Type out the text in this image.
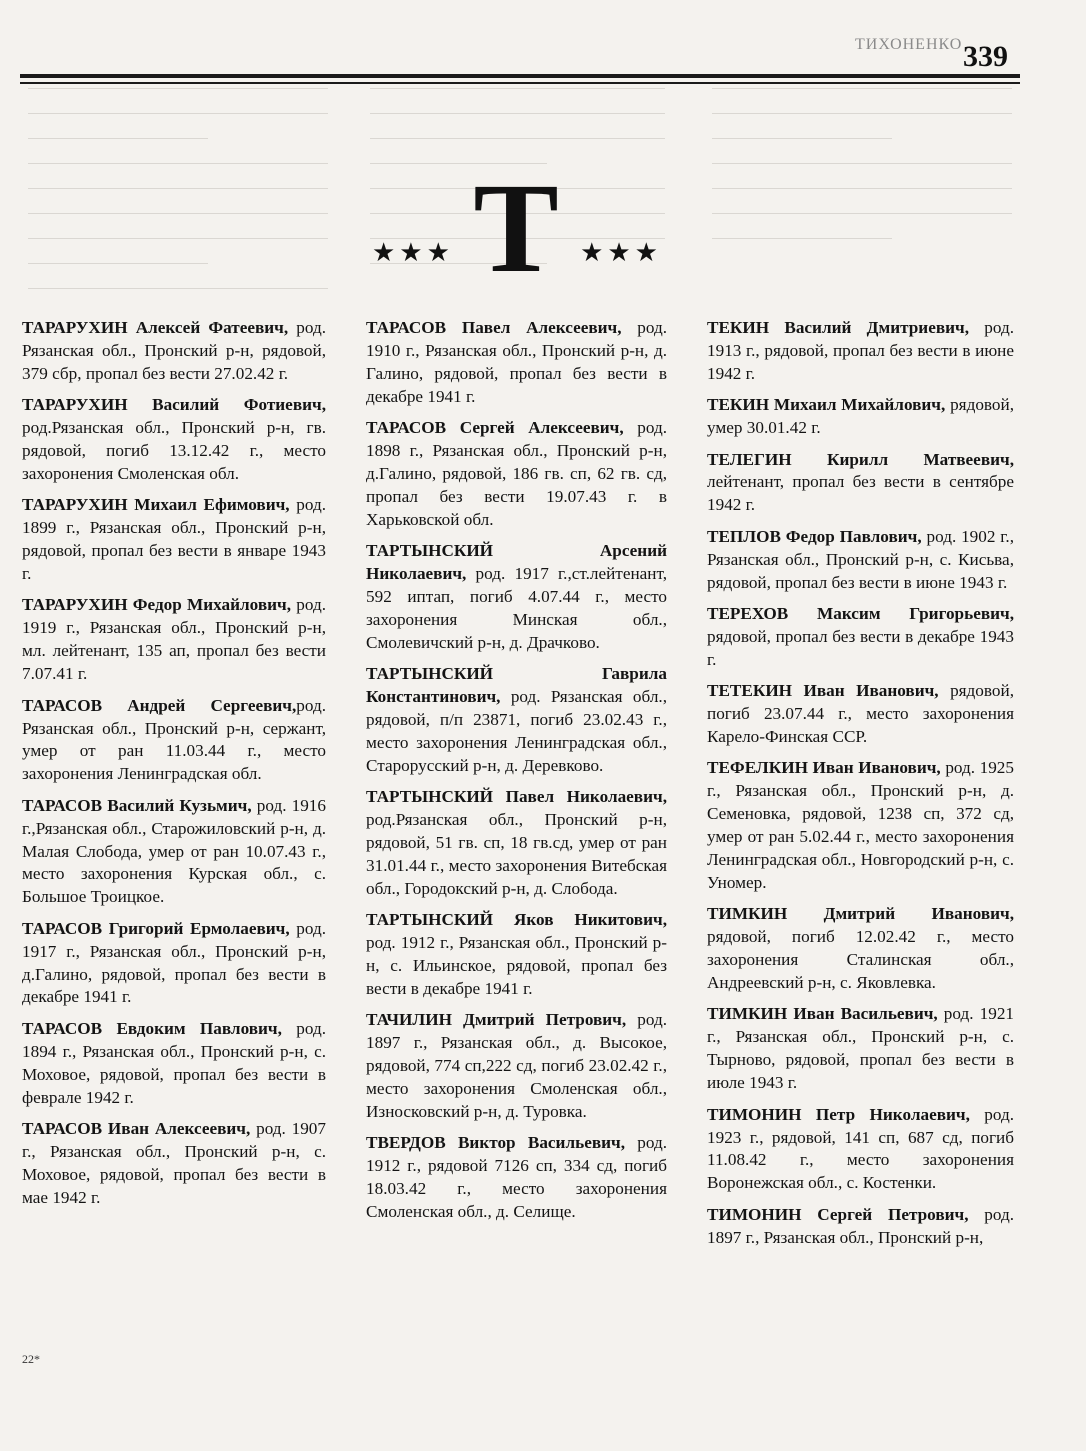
ТИХОНЕНКО 339
★★★ Т ★★★

ТАРАРУХИН Алексей Фатеевич, род. Рязанская обл., Пронский р-н, рядовой, 379 сбр, пропал без вести 27.02.42 г.

ТАРАРУХИН Василий Фотиевич, род.Рязанская обл., Пронский р-н, гв. рядовой, погиб 13.12.42 г., место захоронения Смоленская обл.

ТАРАРУХИН Михаил Ефимович, род. 1899 г., Рязанская обл., Пронский р-н, рядовой, пропал без вести в январе 1943 г.

ТАРАРУХИН Федор Михайлович, род. 1919 г., Рязанская обл., Пронский р-н, мл. лейтенант, 135 ап, пропал без вести 7.07.41 г.

ТАРАСОВ Андрей Сергеевич,род. Рязанская обл., Пронский р-н, сержант, умер от ран 11.03.44 г., место захоронения Ленинградская обл.

ТАРАСОВ Василий Кузьмич, род. 1916 г.,Рязанская обл., Старожиловский р-н, д. Малая Слобода, умер от ран 10.07.43 г., место захоронения Курская обл., с. Большое Троицкое.

ТАРАСОВ Григорий Ермолаевич, род. 1917 г., Рязанская обл., Пронский р-н, д.Галино, рядовой, пропал без вести в декабре 1941 г.

ТАРАСОВ Евдоким Павлович, род. 1894 г., Рязанская обл., Пронский р-н, с. Моховое, рядовой, пропал без вести в феврале 1942 г.

ТАРАСОВ Иван Алексеевич, род. 1907 г., Рязанская обл., Пронский р-н, с. Моховое, рядовой, пропал без вести в мае 1942 г.

ТАРАСОВ Павел Алексеевич, род. 1910 г., Рязанская обл., Пронский р-н, д. Галино, рядовой, пропал без вести в декабре 1941 г.

ТАРАСОВ Сергей Алексеевич, род. 1898 г., Рязанская обл., Пронский р-н, д.Галино, рядовой, 186 гв. сп, 62 гв. сд, пропал без вести 19.07.43 г. в Харьковской обл.

ТАРТЫНСКИЙ Арсений Николаевич, род. 1917 г.,ст.лейтенант, 592 иптап, погиб 4.07.44 г., место захоронения Минская обл., Смолевичский р-н, д. Драчково.

ТАРТЫНСКИЙ Гаврила Константинович, род. Рязанская обл., рядовой, п/п 23871, погиб 23.02.43 г., место захоронения Ленинградская обл., Старорусский р-н, д. Деревково.

ТАРТЫНСКИЙ Павел Николаевич, род.Рязанская обл., Пронский р-н, рядовой, 51 гв. сп, 18 гв.сд, умер от ран 31.01.44 г., место захоронения Витебская обл., Городокский р-н, д. Слобода.

ТАРТЫНСКИЙ Яков Никитович, род. 1912 г., Рязанская обл., Пронский р-н, с. Ильинское, рядовой, пропал без вести в декабре 1941 г.

ТАЧИЛИН Дмитрий Петрович, род. 1897 г., Рязанская обл., д. Высокое, рядовой, 774 сп,222 сд, погиб 23.02.42 г., место захоронения Смоленская обл., Износковский р-н, д. Туровка.

ТВЕРДОВ Виктор Васильевич, род. 1912 г., рядовой 7126 сп, 334 сд, погиб 18.03.42 г., место захоронения Смоленская обл., д. Селище.

ТЕКИН Василий Дмитриевич, род. 1913 г., рядовой, пропал без вести в июне 1942 г.

ТЕКИН Михаил Михайлович, рядовой, умер 30.01.42 г.

ТЕЛЕГИН Кирилл Матвеевич, лейтенант, пропал без вести в сентябре 1942 г.

ТЕПЛОВ Федор Павлович, род. 1902 г., Рязанская обл., Пронский р-н, с. Кисьва, рядовой, пропал без вести в июне 1943 г.

ТЕРЕХОВ Максим Григорьевич, рядовой, пропал без вести в декабре 1943 г.

ТЕТЕКИН Иван Иванович, рядовой, погиб 23.07.44 г., место захоронения Карело-Финская ССР.

ТЕФЕЛКИН Иван Иванович, род. 1925 г., Рязанская обл., Пронский р-н, д. Семеновка, рядовой, 1238 сп, 372 сд, умер от ран 5.02.44 г., место захоронения Ленинградская обл., Новгородский р-н, с. Уномер.

ТИМКИН Дмитрий Иванович, рядовой, погиб 12.02.42 г., место захоронения Сталинская обл., Андреевский р-н, с. Яковлевка.

ТИМКИН Иван Васильевич, род. 1921 г., Рязанская обл., Пронский р-н, с. Тырново, рядовой, пропал без вести в июле 1943 г.

ТИМОНИН Петр Николаевич, род. 1923 г., рядовой, 141 сп, 687 сд, погиб 11.08.42 г., место захоронения Воронежская обл., с. Костенки.

ТИМОНИН Сергей Петрович, род. 1897 г., Рязанская обл., Пронский р-н,

22*
